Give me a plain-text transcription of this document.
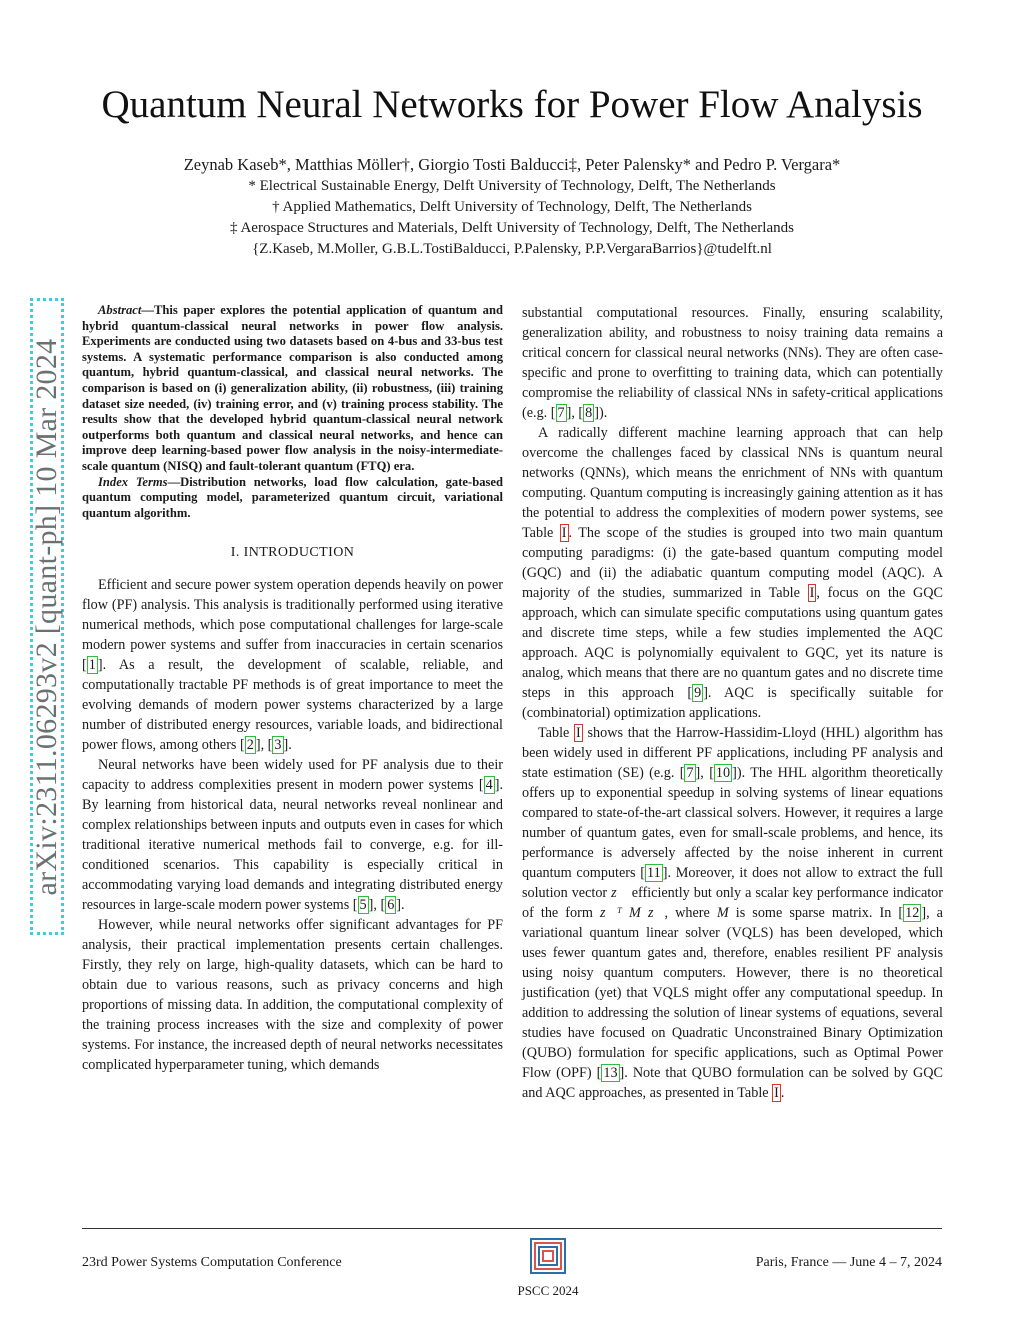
arXiv:2311.06293v2 [quant-ph] 10 Mar 2024
Quantum Neural Networks for Power Flow Analysis
Zeynab Kaseb*, Matthias Möller†, Giorgio Tosti Balducci‡, Peter Palensky* and Pedro P. Vergara*
* Electrical Sustainable Energy, Delft University of Technology, Delft, The Netherlands
† Applied Mathematics, Delft University of Technology, Delft, The Netherlands
‡ Aerospace Structures and Materials, Delft University of Technology, Delft, The Netherlands
{Z.Kaseb, M.Moller, G.B.L.TostiBalducci, P.Palensky, P.P.VergaraBarrios}@tudelft.nl

Abstract—This paper explores the potential application of quantum and hybrid quantum-classical neural networks in power flow analysis. Experiments are conducted using two datasets based on 4-bus and 33-bus test systems. A systematic performance comparison is also conducted among quantum, hybrid quantum-classical, and classical neural networks. The comparison is based on (i) generalization ability, (ii) robustness, (iii) training dataset size needed, (iv) training error, and (v) training process stability. The results show that the developed hybrid quantum-classical neural network outperforms both quantum and classical neural networks, and hence can improve deep learning-based power flow analysis in the noisy-intermediate-scale quantum (NISQ) and fault-tolerant quantum (FTQ) era.

Index Terms—Distribution networks, load flow calculation, gate-based quantum computing model, parameterized quantum circuit, variational quantum algorithm.

I. INTRODUCTION

Efficient and secure power system operation depends heavily on power flow (PF) analysis. This analysis is traditionally performed using iterative numerical methods, which pose computational challenges for large-scale modern power systems and suffer from inaccuracies in certain scenarios [ 1 ]. As a result, the development of scalable, reliable, and computationally tractable PF methods is of great importance to meet the evolving demands of modern power systems characterized by a large number of distributed energy resources, variable loads, and bidirectional power flows, among others [ 2 ], [ 3 ].

Neural networks have been widely used for PF analysis due to their capacity to address complexities present in modern power systems [ 4 ]. By learning from historical data, neural networks reveal nonlinear and complex relationships between inputs and outputs even in cases for which traditional iterative numerical methods fail to converge, e.g. for ill-conditioned scenarios. This capability is especially critical in accommodating varying load demands and integrating distributed energy resources in large-scale modern power systems [ 5 ], [ 6 ].

However, while neural networks offer significant advantages for PF analysis, their practical implementation presents certain challenges. Firstly, they rely on large, high-quality datasets, which can be hard to obtain due to various reasons, such as privacy concerns and high proportions of missing data. In addition, the computational complexity of the training process increases with the size and complexity of power systems. For instance, the increased depth of neural networks necessitates complicated hyperparameter tuning, which demands

substantial computational resources. Finally, ensuring scalability, generalization ability, and robustness to noisy training data remains a critical concern for classical neural networks (NNs). They are often case-specific and prone to overfitting to training data, which can potentially compromise the reliability of classical NNs in safety-critical applications (e.g. [ 7 ], [ 8 ]).

A radically different machine learning approach that can help overcome the challenges faced by classical NNs is quantum neural networks (QNNs), which means the enrichment of NNs with quantum computing. Quantum computing is increasingly gaining attention as it has the potential to address the complexities of modern power systems, see Table I . The scope of the studies is grouped into two main quantum computing paradigms: (i) the gate-based quantum computing model (GQC) and (ii) the adiabatic quantum computing model (AQC). A majority of the studies, summarized in Table I , focus on the GQC approach, which can simulate specific computations using quantum gates and discrete time steps, while a few studies implemented the AQC approach. AQC is polynomially equivalent to GQC, yet its nature is analog, which means that there are no quantum gates and no discrete time steps in this approach [ 9 ]. AQC is specifically suitable for (combinatorial) optimization applications.

Table I shows that the Harrow-Hassidim-Lloyd (HHL) algorithm has been widely used in different PF applications, including PF analysis and state estimation (SE) (e.g. [ 7 ], [ 10 ]). The HHL algorithm theoretically offers up to exponential speedup in solving systems of linear equations compared to state-of-the-art classical solvers. However, it requires a large number of quantum gates, even for small-scale problems, and hence, its performance is adversely affected by the noise inherent in current quantum computers [ 11 ]. Moreover, it does not allow to extract the full solution vector z⃗ efficiently but only a scalar key performance indicator of the form z⃗ᵀ M z⃗, where M is some sparse matrix. In [ 12 ], a variational quantum linear solver (VQLS) has been developed, which uses fewer quantum gates and, therefore, enables resilient PF analysis using noisy quantum computers. However, there is no theoretical justification (yet) that VQLS might offer any computational speedup. In addition to addressing the solution of linear systems of equations, several studies have focused on Quadratic Unconstrained Binary Optimization (QUBO) formulation for specific applications, such as Optimal Power Flow (OPF) [ 13 ]. Note that QUBO formulation can be solved by GQC and AQC approaches, as presented in Table I .

23rd Power Systems Computation Conference	Paris, France — June 4 – 7, 2024
PSCC 2024
